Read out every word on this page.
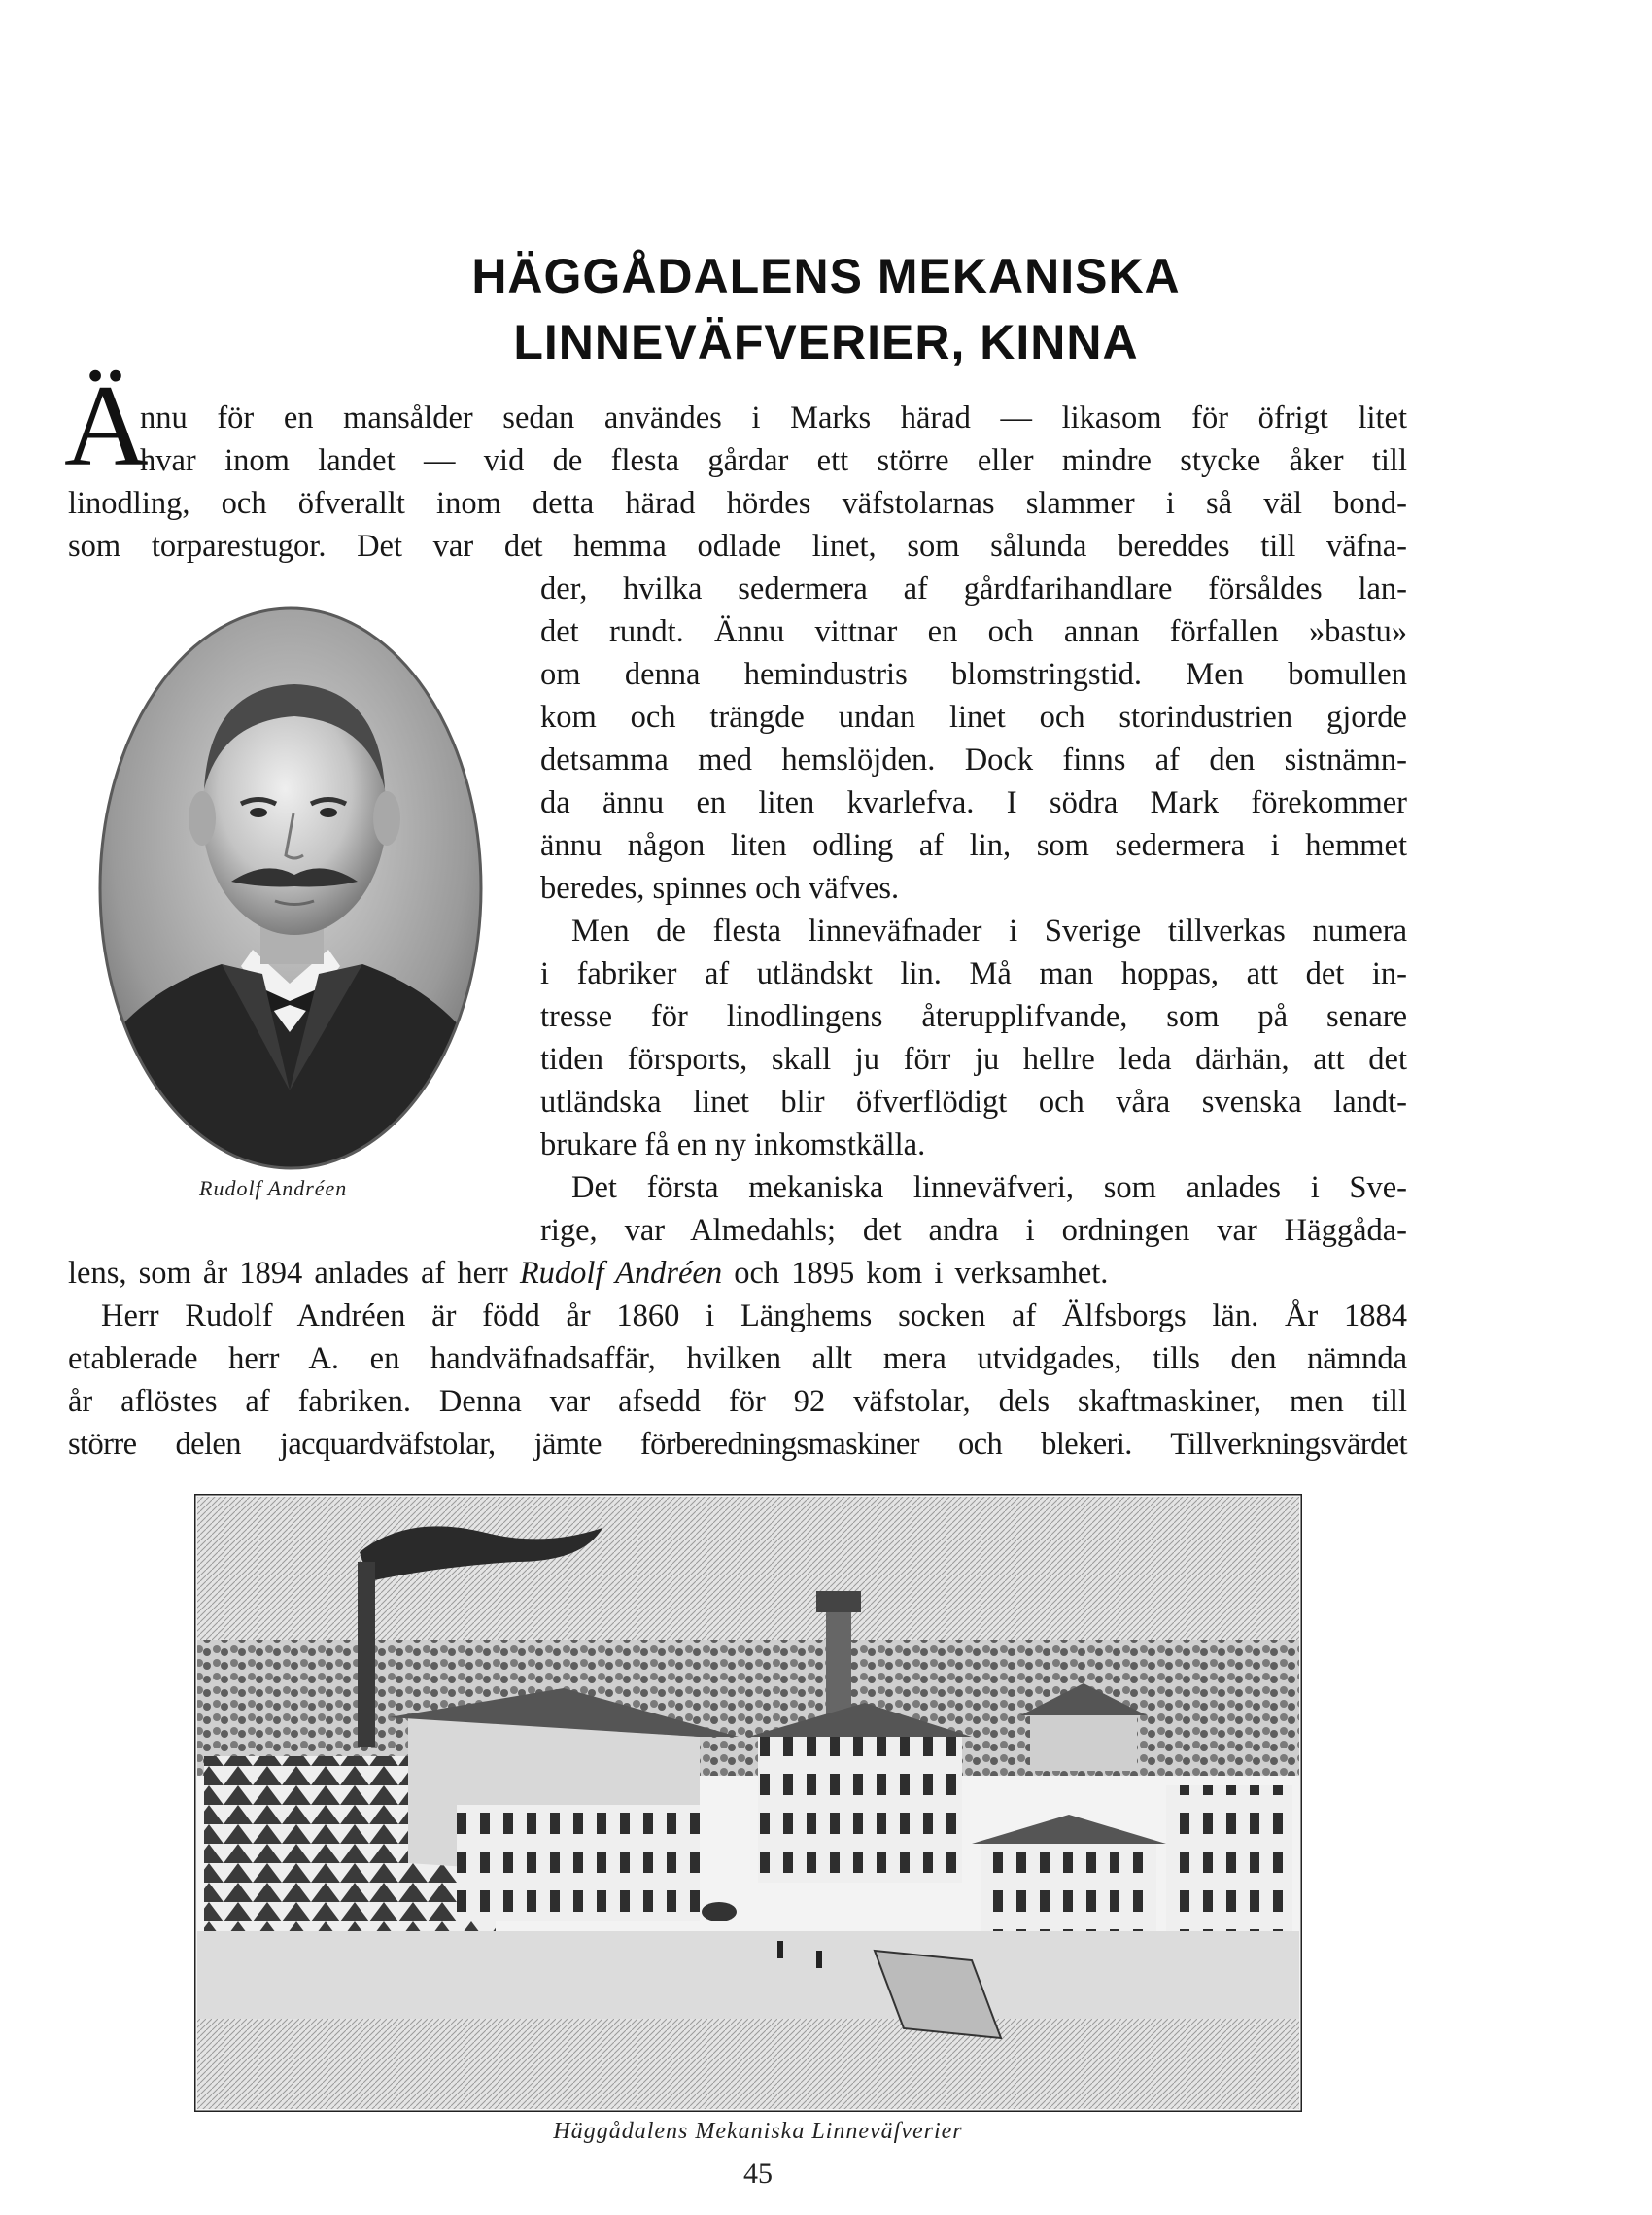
HÄGGÅDALENS MEKANISKA
LINNEVÄFVERIER, KINNA
Ä
nnu för en mansålder sedan användes i Marks härad — likasom för öfrigt litet
hvar inom landet — vid de flesta gårdar ett större eller mindre stycke åker till
linodling, och öfverallt inom detta härad hördes väfstolarnas slammer i så väl bond-
som torparestugor. Det var det hemma odlade linet, som sålunda bereddes till väfna-
der, hvilka sedermera af gårdfarihandlare försåldes lan-
det rundt. Ännu vittnar en och annan förfallen »bastu»
om denna hemindustris blomstringstid. Men bomullen
kom och trängde undan linet och storindustrien gjorde
detsamma med hemslöjden. Dock finns af den sistnämn-
da ännu en liten kvarlefva. I södra Mark förekommer
ännu någon liten odling af lin, som sedermera i hemmet
beredes, spinnes och väfves.
Men de flesta linneväfnader i Sverige tillverkas numera
i fabriker af utländskt lin. Må man hoppas, att det in-
tresse för linodlingens återupplifvande, som på senare
tiden försports, skall ju förr ju hellre leda därhän, att det
utländska linet blir öfverflödigt och våra svenska landt-
brukare få en ny inkomstkälla.
Det första mekaniska linneväfveri, som anlades i Sve-
rige, var Almedahls; det andra i ordningen var Häggåda-
lens, som år 1894 anlades af herr Rudolf Andréen och 1895 kom i verksamhet.
Herr Rudolf Andréen är född år 1860 i Länghems socken af Älfsborgs län. År 1884
etablerade herr A. en handväfnadsaffär, hvilken allt mera utvidgades, tills den nämnda
år aflöstes af fabriken. Denna var afsedd för 92 väfstolar, dels skaftmaskiner, men till
större delen jacquardväfstolar, jämte förberedningsmaskiner och blekeri. Tillverkningsvärdet
Rudolf Andréen
Häggådalens Mekaniska Linneväfverier
45
